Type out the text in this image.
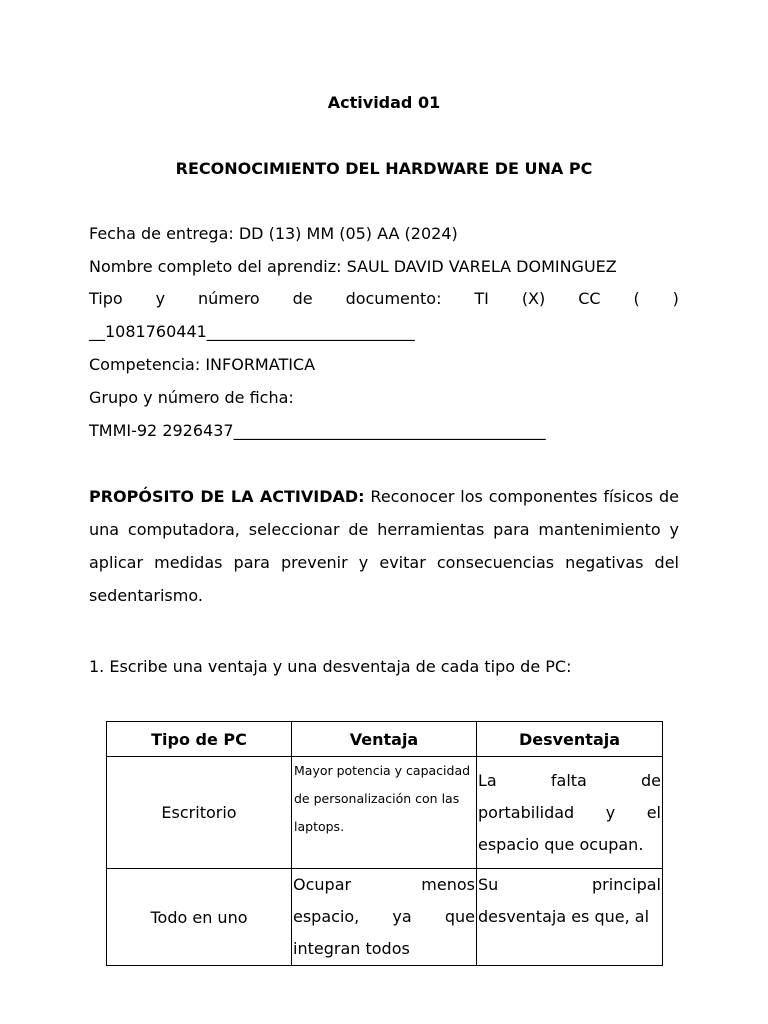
Actividad 01
RECONOCIMIENTO DEL HARDWARE DE UNA PC
Fecha de entrega: DD (13) MM (05) AA (2024)
Nombre completo del aprendiz: SAUL DAVID VARELA DOMINGUEZ
Tipo y número de documento: TI (X) CC ( )
__1081760441__________________________
Competencia: INFORMATICA
Grupo y número de ficha:
TMMI-92 2926437_______________________________________
PROPÓSITO DE LA ACTIVIDAD: Reconocer los componentes físicos de una computadora, seleccionar de herramientas para mantenimiento y aplicar medidas para prevenir y evitar consecuencias negativas del sedentarismo.
1. Escribe una ventaja y una desventaja de cada tipo de PC:
Tipo de PC	Ventaja	Desventaja
Escritorio	Mayor potencia y capacidad de personalización con las laptops.	La falta de portabilidad y el espacio que ocupan.
Todo en uno	Ocupar menos espacio, ya que integran todos	Su principal desventaja es que, al
